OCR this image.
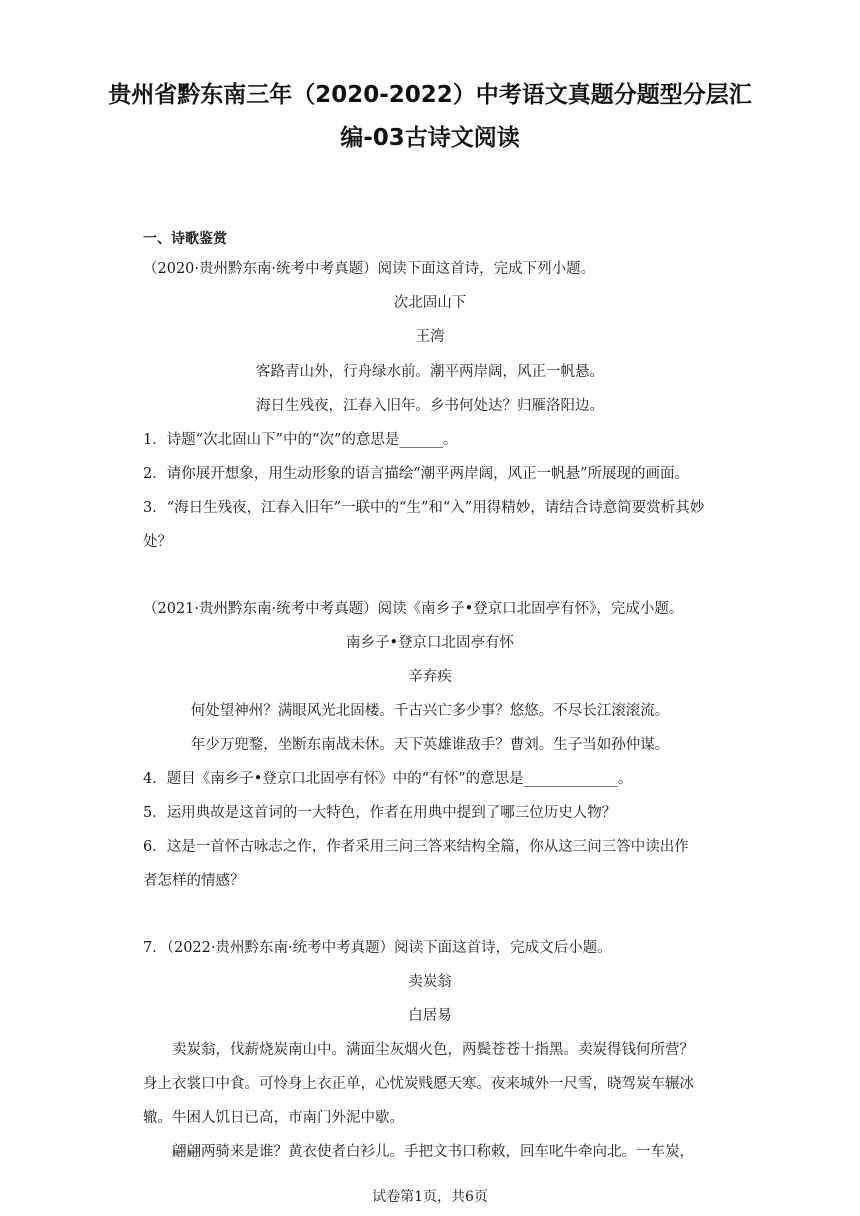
贵州省黔东南三年（2020-2022）中考语文真题分题型分层汇
编-03古诗文阅读
一、诗歌鉴赏
（2020·贵州黔东南·统考中考真题）阅读下面这首诗，完成下列小题。
次北固山下
王湾
客路青山外，行舟绿水前。潮平两岸阔，风正一帆悬。
海日生残夜，江春入旧年。乡书何处达？归雁洛阳边。
1．诗题“次北固山下”中的“次”的意思是______。
2．请你展开想象，用生动形象的语言描绘“潮平两岸阔，风正一帆悬”所展现的画面。
3．“海日生残夜，江春入旧年”一联中的“生”和“入”用得精妙，请结合诗意简要赏析其妙
处？
（2021·贵州黔东南·统考中考真题）阅读《南乡子•登京口北固亭有怀》，完成小题。
南乡子•登京口北固亭有怀
辛弃疾
何处望神州？满眼风光北固楼。千古兴亡多少事？悠悠。不尽长江滚滚流。
年少万兜鍪，坐断东南战未休。天下英雄谁敌手？曹刘。生子当如孙仲谋。
4．题目《南乡子•登京口北固亭有怀》中的“有怀”的意思是_____________。
5．运用典故是这首词的一大特色，作者在用典中提到了哪三位历史人物？
6．这是一首怀古咏志之作，作者采用三问三答来结构全篇，你从这三问三答中读出作
者怎样的情感？
7．（2022·贵州黔东南·统考中考真题）阅读下面这首诗，完成文后小题。
卖炭翁
白居易
卖炭翁，伐薪烧炭南山中。满面尘灰烟火色，两鬓苍苍十指黑。卖炭得钱何所营？
身上衣裳口中食。可怜身上衣正单，心忧炭贱愿天寒。夜来城外一尺雪，晓驾炭车辗冰
辙。牛困人饥日已高，市南门外泥中歇。
翩翩两骑来是谁？黄衣使者白衫儿。手把文书口称敕，回车叱牛牵向北。一车炭，
试卷第1页，共6页
